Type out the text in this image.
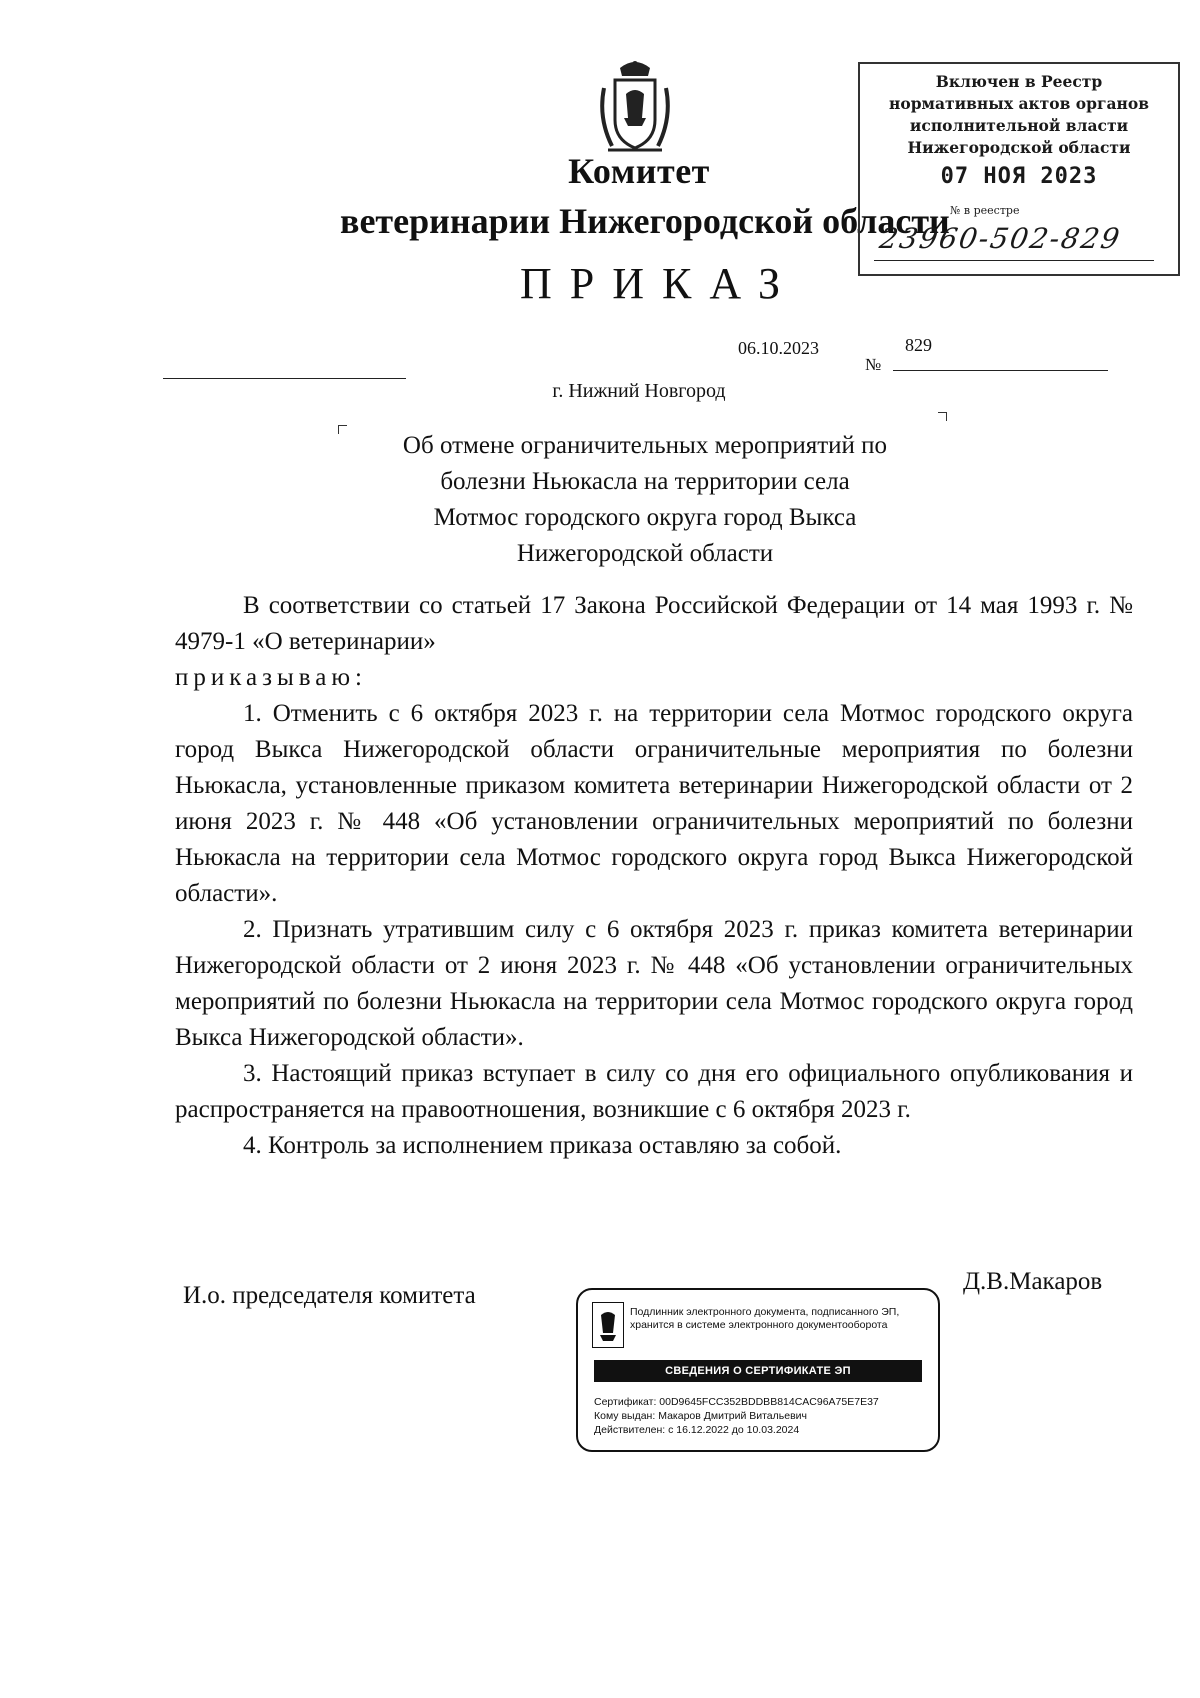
Комитет
ветеринарии Нижегородской области
ПРИКАЗ
06.10.2023
№
829
г. Нижний Новгород
Об отмене ограничительных мероприятий по
болезни Ньюкасла на территории села
Мотмос городского округа город Выкса
Нижегородской области

В соответствии со статьей 17 Закона Российской Федерации от 14 мая 1993 г. № 4979-1 «О ветеринарии»

приказываю:

1. Отменить с 6 октября 2023 г. на территории села Мотмос городского округа город Выкса Нижегородской области ограничительные мероприятия по болезни Ньюкасла, установленные приказом комитета ветеринарии Нижегородской области от 2 июня 2023 г. № 448 «Об установлении ограничительных мероприятий по болезни Ньюкасла на территории села Мотмос городского округа город Выкса Нижегородской области».

2. Признать утратившим силу с 6 октября 2023 г. приказ комитета ветеринарии Нижегородской области от 2 июня 2023 г. № 448 «Об установлении ограничительных мероприятий по болезни Ньюкасла на территории села Мотмос городского округа город Выкса Нижегородской области».

3. Настоящий приказ вступает в силу со дня его официального опубликования и распространяется на правоотношения, возникшие с 6 октября 2023 г.

4. Контроль за исполнением приказа оставляю за собой.

И.о. председателя комитета
Д.В.Макаров
Включен в Реестр
нормативных актов органов
исполнительной власти
Нижегородской области
07 НОЯ 2023
№ в реестре
23960-502-829
Подлинник электронного документа, подписанного ЭП, хранится в системе электронного документооборота
СВЕДЕНИЯ О СЕРТИФИКАТЕ ЭП
Сертификат: 00D9645FCC352BDDBB814CAC96A75E7E37
Кому выдан: Макаров Дмитрий Витальевич
Действителен: с 16.12.2022 до 10.03.2024
